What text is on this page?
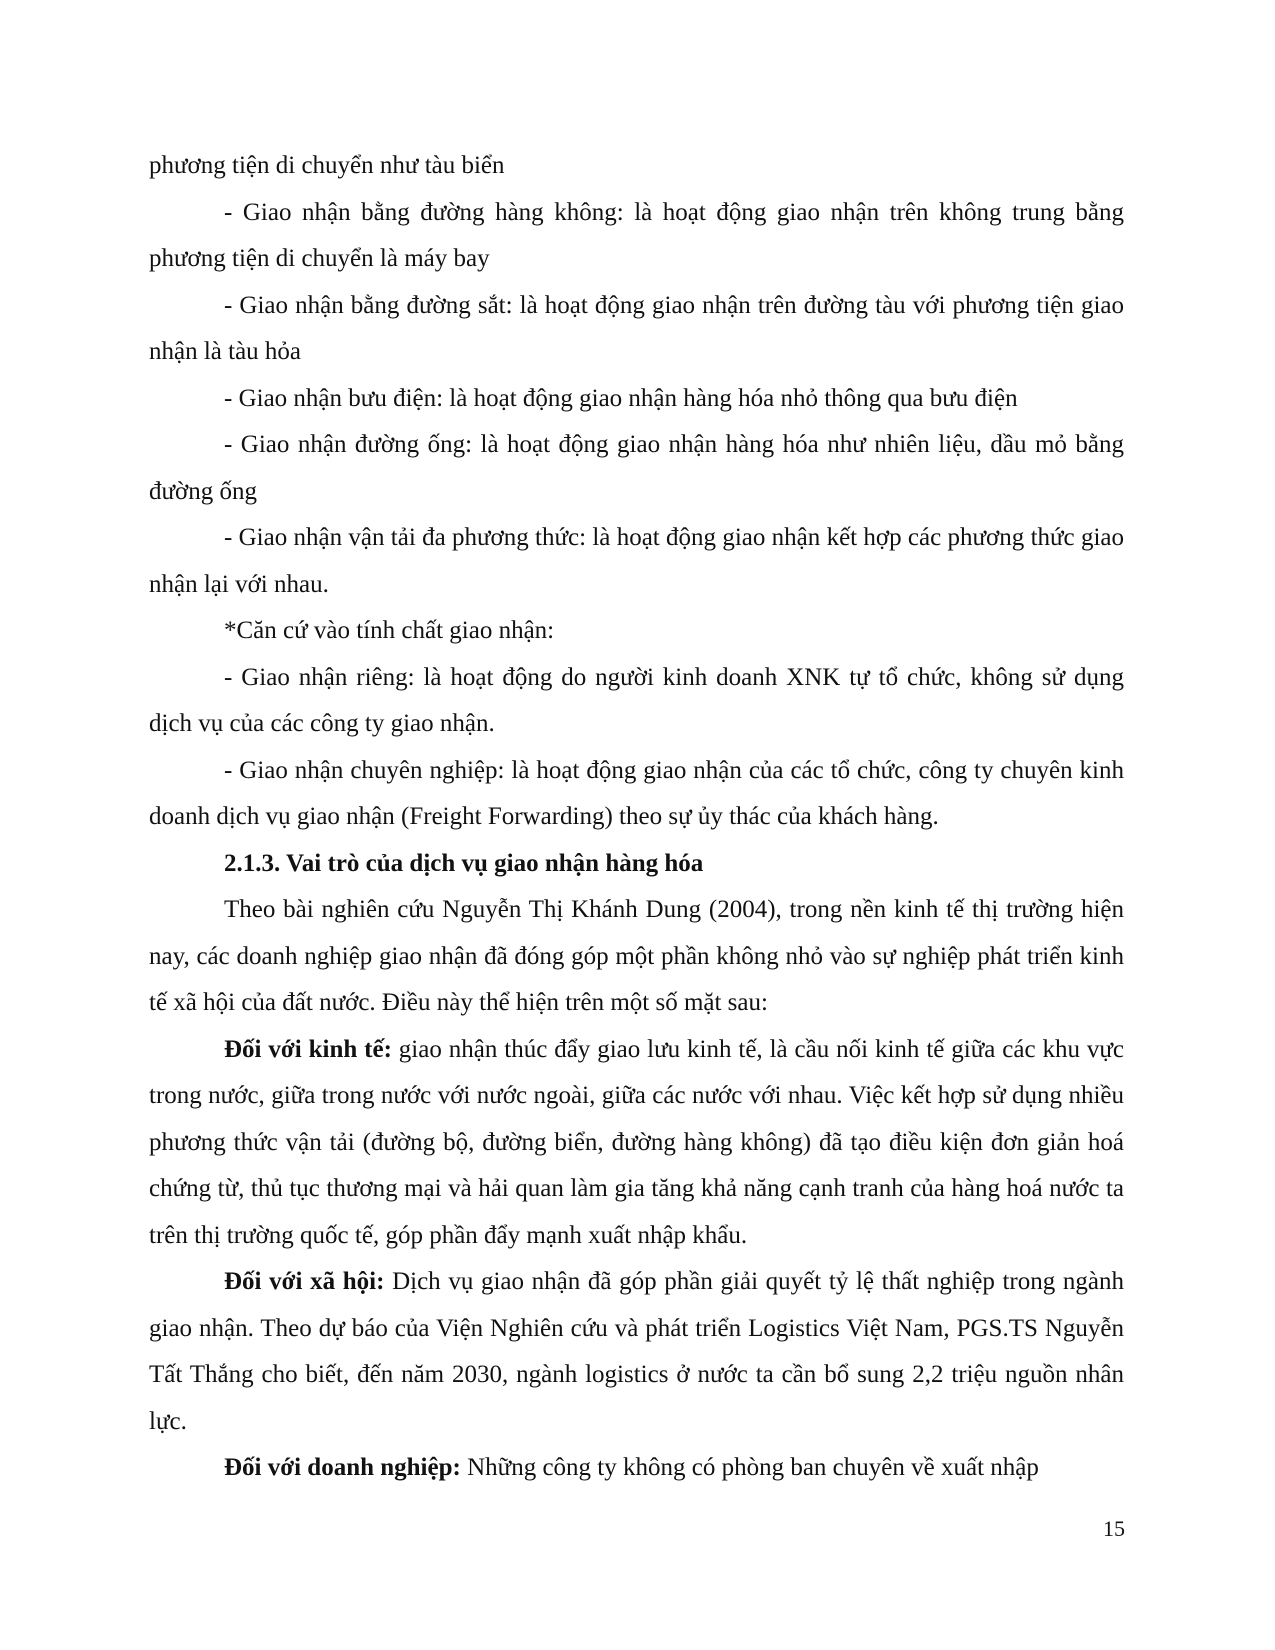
phương tiện di chuyển như tàu biển

- Giao nhận bằng đường hàng không: là hoạt động giao nhận trên không trung bằng phương tiện di chuyển là máy bay

- Giao nhận bằng đường sắt: là hoạt động giao nhận trên đường tàu với phương tiện giao nhận là tàu hỏa

- Giao nhận bưu điện: là hoạt động giao nhận hàng hóa nhỏ thông qua bưu điện

- Giao nhận đường ống: là hoạt động giao nhận hàng hóa như nhiên liệu, dầu mỏ bằng đường ống

- Giao nhận vận tải đa phương thức: là hoạt động giao nhận kết hợp các phương thức giao nhận lại với nhau.

*Căn cứ vào tính chất giao nhận:

- Giao nhận riêng: là hoạt động do người kinh doanh XNK tự tổ chức, không sử dụng dịch vụ của các công ty giao nhận.

- Giao nhận chuyên nghiệp: là hoạt động giao nhận của các tổ chức, công ty chuyên kinh doanh dịch vụ giao nhận (Freight Forwarding) theo sự ủy thác của khách hàng.

2.1.3. Vai trò của dịch vụ giao nhận hàng hóa

Theo bài nghiên cứu Nguyễn Thị Khánh Dung (2004), trong nền kinh tế thị trường hiện nay, các doanh nghiệp giao nhận đã đóng góp một phần không nhỏ vào sự nghiệp phát triển kinh tế xã hội của đất nước. Điều này thể hiện trên một số mặt sau:

Đối với kinh tế: giao nhận thúc đẩy giao lưu kinh tế, là cầu nối kinh tế giữa các khu vực trong nước, giữa trong nước với nước ngoài, giữa các nước với nhau. Việc kết hợp sử dụng nhiều phương thức vận tải (đường bộ, đường biển, đường hàng không) đã tạo điều kiện đơn giản hoá chứng từ, thủ tục thương mại và hải quan làm gia tăng khả năng cạnh tranh của hàng hoá nước ta trên thị trường quốc tế, góp phần đẩy mạnh xuất nhập khẩu.

Đối với xã hội: Dịch vụ giao nhận đã góp phần giải quyết tỷ lệ thất nghiệp trong ngành giao nhận. Theo dự báo của Viện Nghiên cứu và phát triển Logistics Việt Nam, PGS.TS Nguyễn Tất Thắng cho biết, đến năm 2030, ngành logistics ở nước ta cần bổ sung 2,2 triệu nguồn nhân lực.

Đối với doanh nghiệp: Những công ty không có phòng ban chuyên về xuất nhập

15
